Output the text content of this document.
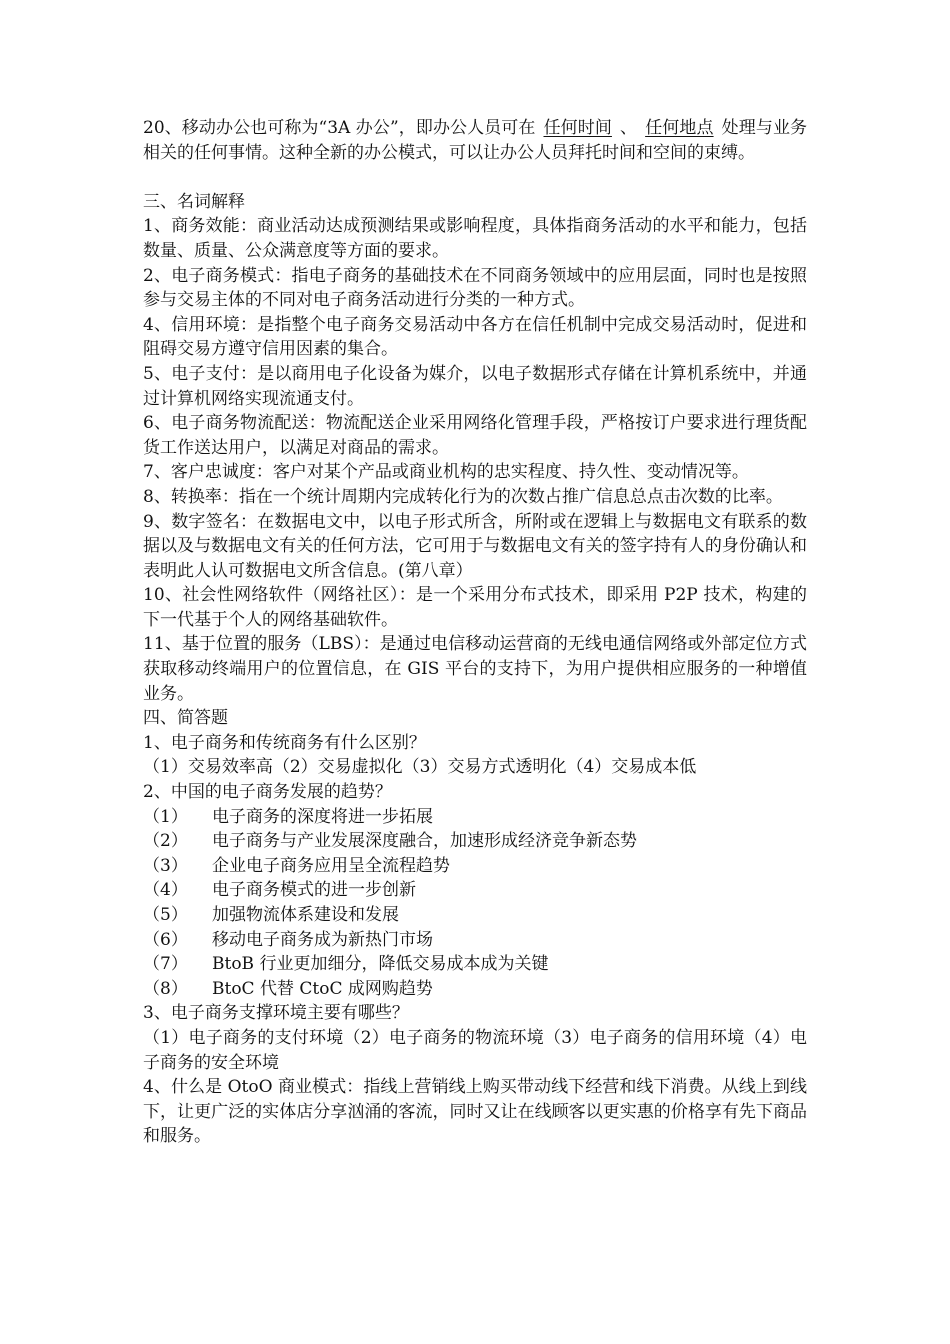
20、移动办公也可称为“3A 办公”，即办公人员可在 任何时间 、 任何地点 处理与业务相关的任何事情。这种全新的办公模式，可以让办公人员拜托时间和空间的束缚。

三、名词解释

1、商务效能：商业活动达成预测结果或影响程度，具体指商务活动的水平和能力，包括数量、质量、公众满意度等方面的要求。

2、电子商务模式：指电子商务的基础技术在不同商务领域中的应用层面，同时也是按照参与交易主体的不同对电子商务活动进行分类的一种方式。

4、信用环境：是指整个电子商务交易活动中各方在信任机制中完成交易活动时，促进和阻碍交易方遵守信用因素的集合。

5、电子支付：是以商用电子化设备为媒介，以电子数据形式存储在计算机系统中，并通过计算机网络实现流通支付。

6、电子商务物流配送：物流配送企业采用网络化管理手段，严格按订户要求进行理货配货工作送达用户，以满足对商品的需求。

7、客户忠诚度：客户对某个产品或商业机构的忠实程度、持久性、变动情况等。

8、转换率：指在一个统计周期内完成转化行为的次数占推广信息总点击次数的比率。

9、数字签名：在数据电文中，以电子形式所含，所附或在逻辑上与数据电文有联系的数据以及与数据电文有关的任何方法，它可用于与数据电文有关的签字持有人的身份确认和表明此人认可数据电文所含信息。(第八章）

10、社会性网络软件（网络社区）：是一个采用分布式技术，即采用 P2P 技术，构建的下一代基于个人的网络基础软件。

11、基于位置的服务（LBS）：是通过电信移动运营商的无线电通信网络或外部定位方式获取移动终端用户的位置信息，在 GIS 平台的支持下，为用户提供相应服务的一种增值业务。

四、简答题

1、电子商务和传统商务有什么区别？

（1）交易效率高（2）交易虚拟化（3）交易方式透明化（4）交易成本低

2、中国的电子商务发展的趋势？

（1）	电子商务的深度将进一步拓展
（2）	电子商务与产业发展深度融合，加速形成经济竞争新态势
（3）	企业电子商务应用呈全流程趋势
（4）	电子商务模式的进一步创新
（5）	加强物流体系建设和发展
（6）	移动电子商务成为新热门市场
（7）	BtoB 行业更加细分，降低交易成本成为关键
（8）	BtoC 代替 CtoC 成网购趋势

3、电子商务支撑环境主要有哪些？

（1）电子商务的支付环境（2）电子商务的物流环境（3）电子商务的信用环境（4）电子商务的安全环境

4、什么是 OtoO 商业模式：指线上营销线上购买带动线下经营和线下消费。从线上到线下，让更广泛的实体店分享汹涌的客流，同时又让在线顾客以更实惠的价格享有先下商品和服务。
